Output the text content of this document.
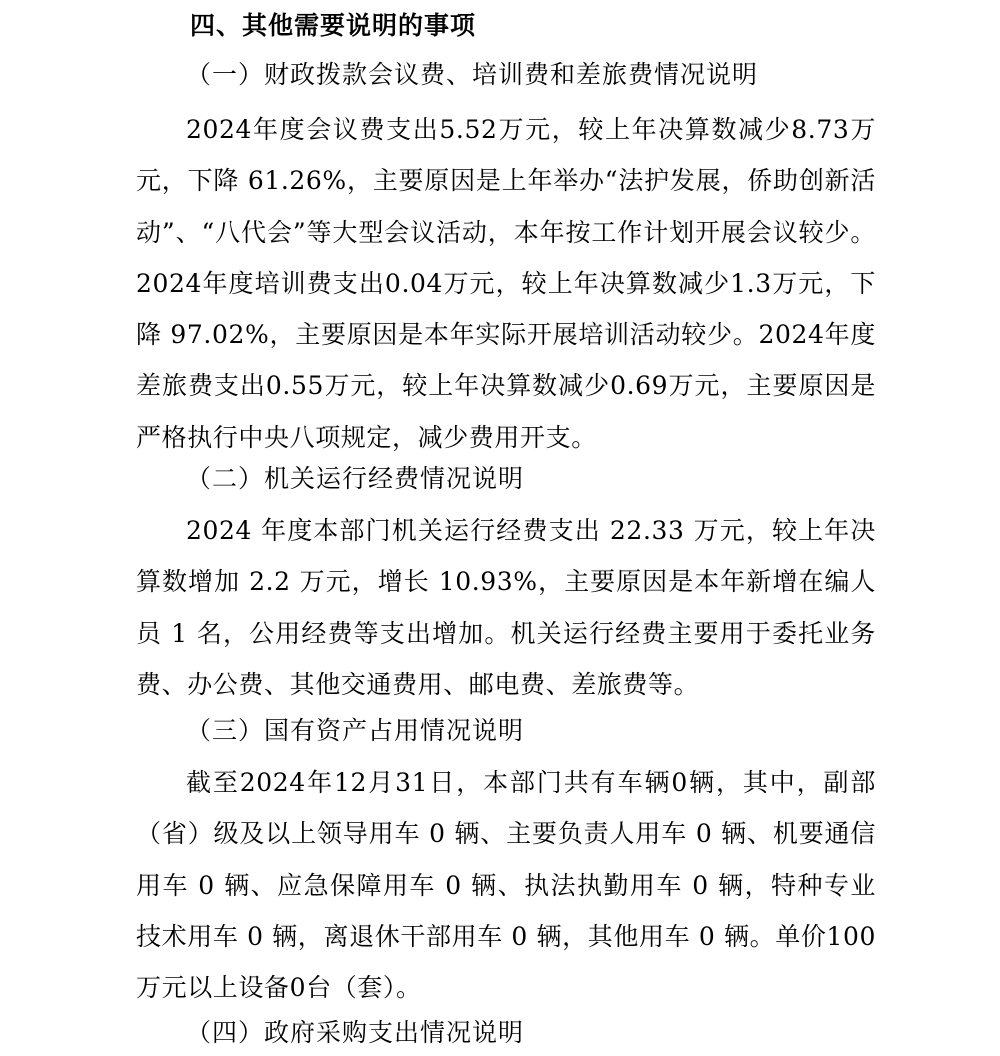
四、其他需要说明的事项
（一）财政拨款会议费、培训费和差旅费情况说明

2024年度会议费支出5.52万元，较上年决算数减少8.73万元，下降 61.26%，主要原因是上年举办“法护发展，侨助创新活动”、“八代会”等大型会议活动，本年按工作计划开展会议较少。2024年度培训费支出0.04万元，较上年决算数减少1.3万元，下降 97.02%，主要原因是本年实际开展培训活动较少。2024年度差旅费支出0.55万元，较上年决算数减少0.69万元，主要原因是严格执行中央八项规定，减少费用开支。

（二）机关运行经费情况说明

2024 年度本部门机关运行经费支出 22.33 万元，较上年决算数增加 2.2 万元，增长 10.93%，主要原因是本年新增在编人员 1 名，公用经费等支出增加。机关运行经费主要用于委托业务费、办公费、其他交通费用、邮电费、差旅费等。

（三）国有资产占用情况说明

截至2024年12月31日，本部门共有车辆0辆，其中，副部（省）级及以上领导用车 0 辆、主要负责人用车 0 辆、机要通信用车 0 辆、应急保障用车 0 辆、执法执勤用车 0 辆，特种专业技术用车 0 辆，离退休干部用车 0 辆，其他用车 0 辆。单价100万元以上设备0台（套）。

（四）政府采购支出情况说明
